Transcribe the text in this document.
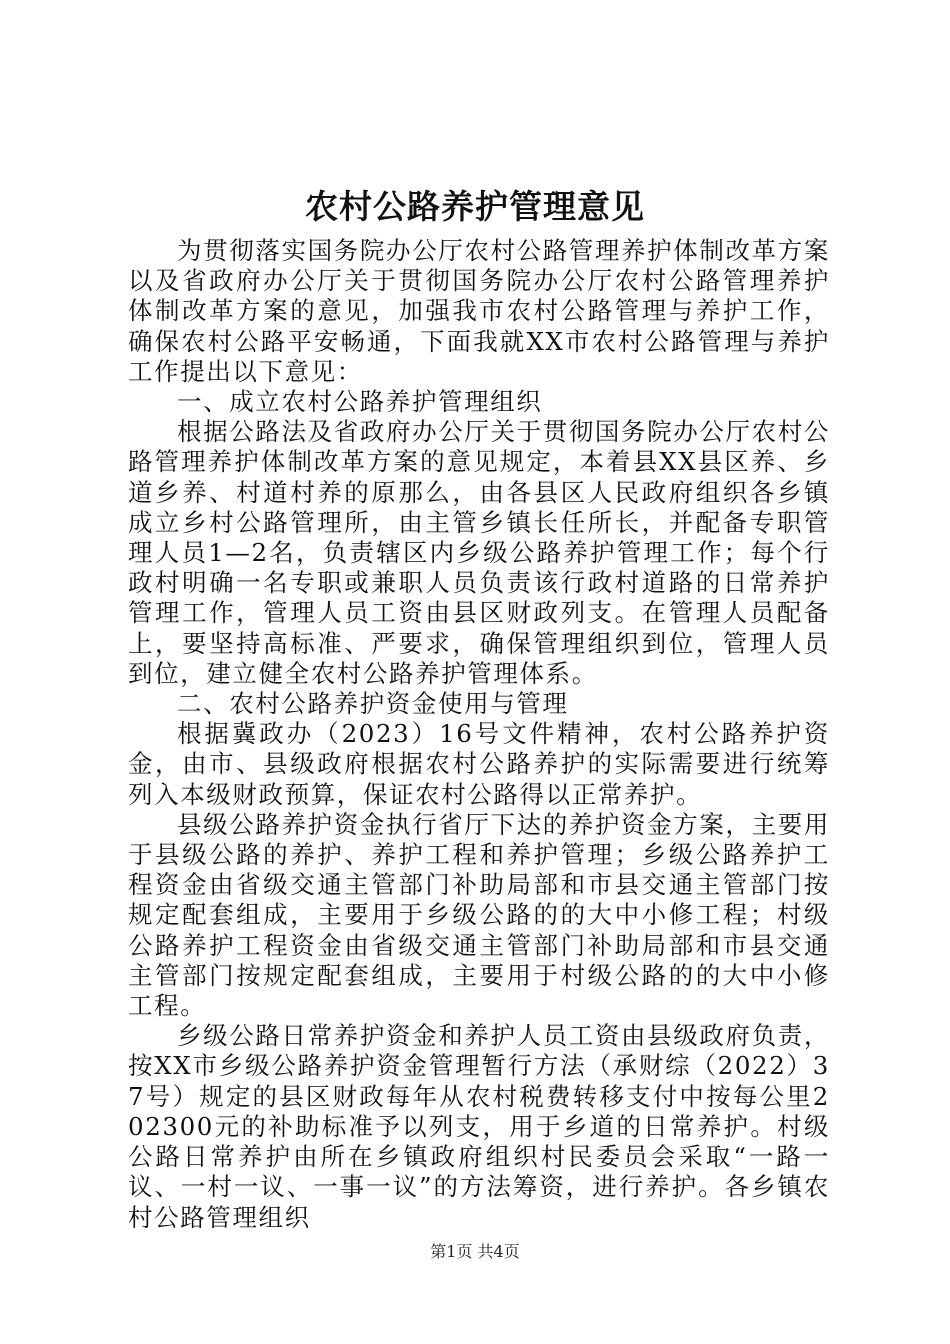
农村公路养护管理意见

为贯彻落实国务院办公厅农村公路管理养护体制改革方案以及省政府办公厅关于贯彻国务院办公厅农村公路管理养护体制改革方案的意见，加强我市农村公路管理与养护工作，确保农村公路平安畅通，下面我就XX市农村公路管理与养护工作提出以下意见：

一、成立农村公路养护管理组织

根据公路法及省政府办公厅关于贯彻国务院办公厅农村公路管理养护体制改革方案的意见规定，本着县XX县区养、乡道乡养、村道村养的原那么，由各县区人民政府组织各乡镇成立乡村公路管理所，由主管乡镇长任所长，并配备专职管理人员1—2名，负责辖区内乡级公路养护管理工作；每个行政村明确一名专职或兼职人员负责该行政村道路的日常养护管理工作，管理人员工资由县区财政列支。在管理人员配备上，要坚持高标准、严要求，确保管理组织到位，管理人员到位，建立健全农村公路养护管理体系。

二、农村公路养护资金使用与管理

根据冀政办（2023）16号文件精神，农村公路养护资金，由市、县级政府根据农村公路养护的实际需要进行统筹列入本级财政预算，保证农村公路得以正常养护。

县级公路养护资金执行省厅下达的养护资金方案，主要用于县级公路的养护、养护工程和养护管理；乡级公路养护工程资金由省级交通主管部门补助局部和市县交通主管部门按规定配套组成，主要用于乡级公路的的大中小修工程；村级公路养护工程资金由省级交通主管部门补助局部和市县交通主管部门按规定配套组成，主要用于村级公路的的大中小修工程。

乡级公路日常养护资金和养护人员工资由县级政府负责，按XX市乡级公路养护资金管理暂行方法（承财综（2022）37号）规定的县区财政每年从农村税费转移支付中按每公里202300元的补助标准予以列支，用于乡道的日常养护。村级公路日常养护由所在乡镇政府组织村民委员会采取“一路一议、一村一议、一事一议”的方法筹资，进行养护。各乡镇农村公路管理组织

第1页 共4页
